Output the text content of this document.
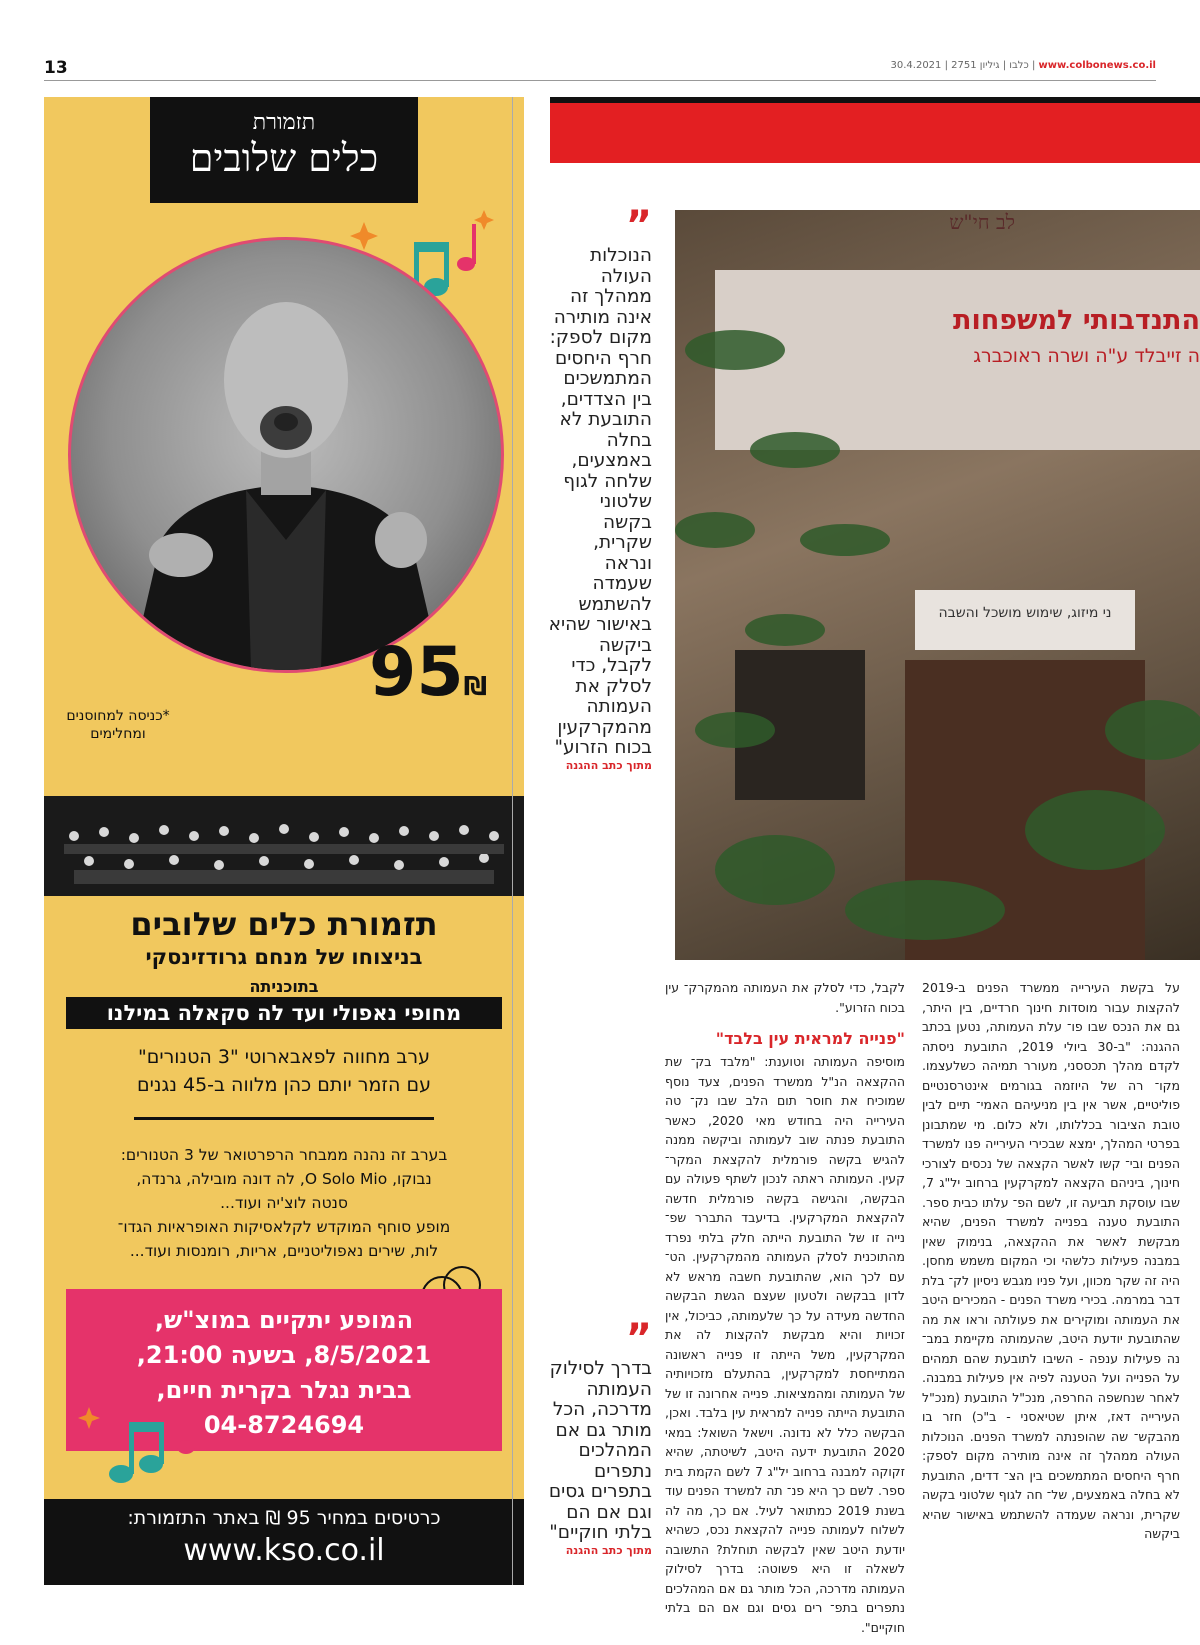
13	www.colbonews.co.il | כלבו | גיליון 2751 | 30.4.2021
תזמורת
כלים שלובים
95₪
*כניסה למחוסנים ומחלימים
תזמורת כלים שלובים
בניצוחו של מנחם גרודזינסקי
בתוכניתה
מחופי נאפולי ועד לה סקאלה במילנו
ערב מחווה לפאבארוטי "3 הטנורים"
עם הזמר יותם כהן מלווה ב-45 נגנים
בערב זה נהנה ממבחר הרפרטואר של 3 הטנורים:
נבוקו, O Solo Mio, לה דונה מובילה, גרנדה,
סנטה לוצ'יה ועוד...
מופע סוחף המוקדש לקלאסיקות האופראיות הגדו־
לות, שירים נאפוליטניים, אריות, רומנסות ועוד...
המופע יתקיים במוצ"ש,
8/5/2021, בשעה 21:00,
בבית נגלר בקרית חיים,
04-8724694
כרטיסים במחיר 95 ₪ באתר התזמורת:
www.kso.co.il
לב חי"ש
התנדבותי למשפחות
ה זייבלד ע"ה ושרה ראוכברג
ני מיזוג, שימוש מושכל והשבה
”
הנוכלות העולה ממהלך זה אינה מותירה מקום לספק: חרף היחסים המתמשכים בין הצדדים, התובעת לא בחלה באמצעים, שלחה לגוף שלטוני בקשה שקרית, ונראה שעמדה להשתמש באישור שהיא ביקשה לקבל, כדי לסלק את העמותה מהמקרקעין בכוח הזרוע"
מתוך כתב ההגנה
”
בדרך לסילוק העמותה מדרכה, הכל מותר גם אם המהלכים נתפרים בתפרים גסים וגם אם הם בלתי חוקיים"
מתוך כתב ההגנה
על בקשת העירייה ממשרד הפנים ב-2019 להקצות עבור מוסדות חינוך חרדיים, בין היתר, גם את הנכס שבו פו־ עלת העמותה, נטען בכתב ההגנה: "ב-30 ביולי 2019, התובעת ניסתה לקדם מהלך תכססני, מעורר תמיהה כשלעצמו. מקו־ רה של היוזמה בגורמים אינטרסנטיים פוליטיים, אשר אין בין מניעיהם האמי־ תיים לבין טובת הציבור בכללותו, ולא כלום. מי שמתבונן בפרטי המהלך, ימצא שבכירי העירייה פנו למשרד הפנים ובי־ קשו לאשר הקצאה של נכסים לצורכי חינוך, ביניהם הקצאה למקרקעין ברחוב יל"ג 7, שבו עוסקת תביעה זו, לשם הפ־ עלתו כבית ספר. התובעת טענה בפנייה למשרד הפנים, שהיא מבקשת לאשר את ההקצאה, בנימוק שאין במבנה פעילות כלשהי וכי המקום משמש מחסן. היה זה שקר מכוון, ועל פניו מגבש ניסיון לק־ בלת דבר במרמה. בכירי משרד הפנים - המכירים היטב את העמותה ומוקירים את פעולתה וראו את מה שהתובעת יודעת היטב, שהעמותה מקיימת במב־ נה פעילות ענפה - השיבו לתובעת שהם תמהים על הפנייה ועל הטענה לפיה אין פעילות במבנה. לאחר שנחשפה החרפה, מנכ"ל התובעת (מנכ"ל העירייה דאז, איתן שטיאסני - ב"כ) חזר בו מהבקש־ שה שהופנתה למשרד הפנים. הנוכלות העולה ממהלך זה אינה מותירה מקום לספק: חרף היחסים המתמשכים בין הצ־ דדים, התובעת לא בחלה באמצעים, של־ חה לגוף שלטוני בקשה שקרית, ונראה שעמדה להשתמש באישור שהיא ביקשה
לקבל, כדי לסלק את העמותה מהמקרק־ עין בכוח הזרוע".
"פנייה למראית עין בלבד"
מוסיפה העמותה וטוענת: "מלבד בק־ שת ההקצאה הנ"ל ממשרד הפנים, צעד נוסף שמוכיח את חוסר תום הלב שבו נק־ טה העירייה היה בחודש מאי 2020, כאשר התובעת פנתה שוב לעמותה וביקשה ממנה להגיש בקשה פורמלית להקצאת המקר־ קעין. העמותה ראתה לנכון לשתף פעולה עם הבקשה, והגישה בקשה פורמלית חדשה להקצאת המקרקעין. בדיעבד התברר שפ־ נייה זו של התובעת הייתה חלק בלתי נפרד מהתוכנית לסלק העמותה מהמקרקעין. הט־ עם לכך הוא, שהתובעת חשבה מראש לא לדון בבקשה ולטעון שעצם הגשת הבקשה החדשה מעידה על כך שלעמותה, כביכול, אין זכויות והיא מבקשת להקצות לה את המקרקעין, משל הייתה זו פנייה ראשונה המתייחסת למקרקעין, בהתעלם מזכויותיה של העמותה ומהמציאות. פנייה אחרונה זו של התובעת הייתה פנייה למראית עין בלבד. ואכן, הבקשה כלל לא נדונה. וישאל השואל: במאי 2020 התובעת ידעה היטב, לשיטתה, שהיא זקוקה למבנה ברחוב יל"ג 7 לשם הקמת בית ספר. לשם כך היא פנ־ תה למשרד הפנים עוד בשנת 2019 כמתואר לעיל. אם כך, מה לה לשלוח לעמותה פנייה להקצאת נכס, כשהיא יודעת היטב שאין לבקשה תוחלת? התשובה לשאלה זו היא פשוטה: בדרך לסילוק העמותה מדרכה, הכל מותר גם אם המהלכים נתפרים בתפ־ רים גסים וגם אם הם בלתי חוקיים".
